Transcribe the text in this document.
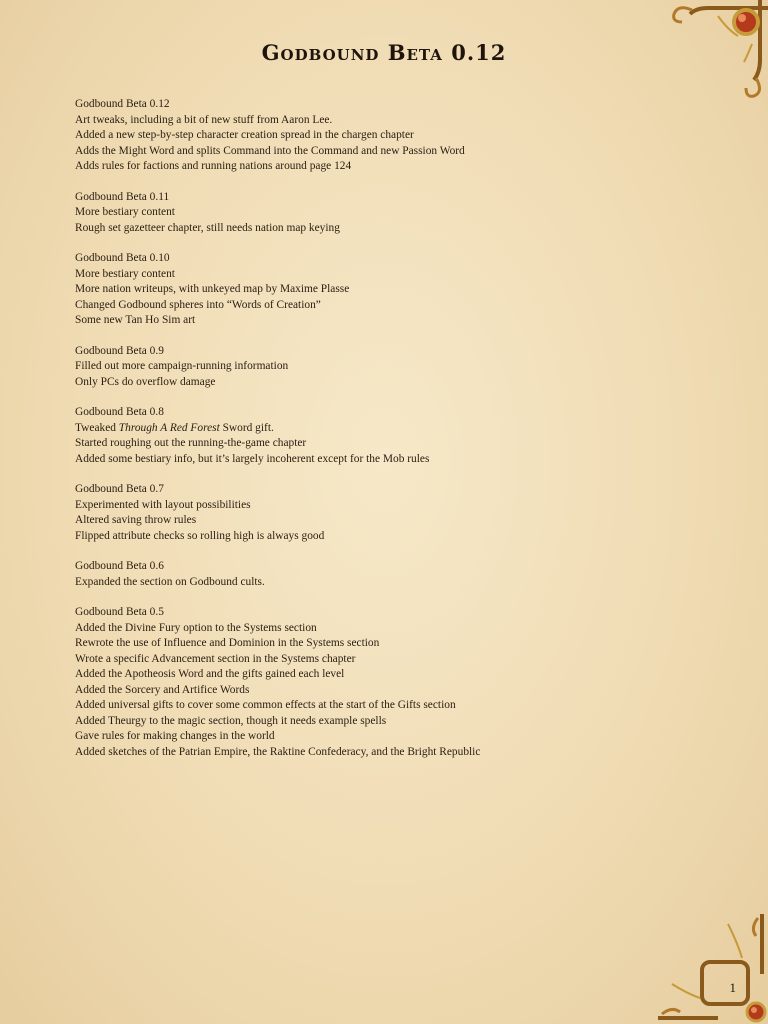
Godbound Beta 0.12
Godbound Beta 0.12
Art tweaks, including a bit of new stuff from Aaron Lee.
Added a new step-by-step character creation spread in the chargen chapter
Adds the Might Word and splits Command into the Command and new Passion Word
Adds rules for factions and running nations around page 124
Godbound Beta 0.11
More bestiary content
Rough set gazetteer chapter, still needs nation map keying
Godbound Beta 0.10
More bestiary content
More nation writeups, with unkeyed map by Maxime Plasse
Changed Godbound spheres into “Words of Creation”
Some new Tan Ho Sim art
Godbound Beta 0.9
Filled out more campaign-running information
Only PCs do overflow damage
Godbound Beta 0.8
Tweaked Through A Red Forest Sword gift.
Started roughing out the running-the-game chapter
Added some bestiary info, but it’s largely incoherent except for the Mob rules
Godbound Beta 0.7
Experimented with layout possibilities
Altered saving throw rules
Flipped attribute checks so rolling high is always good
Godbound Beta 0.6
Expanded the section on Godbound cults.
Godbound Beta 0.5
Added the Divine Fury option to the Systems section
Rewrote the use of Influence and Dominion in the Systems section
Wrote a specific Advancement section in the Systems chapter
Added the Apotheosis Word and the gifts gained each level
Added the Sorcery and Artifice Words
Added universal gifts to cover some common effects at the start of the Gifts section
Added Theurgy to the magic section, though it needs example spells
Gave rules for making changes in the world
Added sketches of the Patrian Empire, the Raktine Confederacy, and the Bright Republic
1
